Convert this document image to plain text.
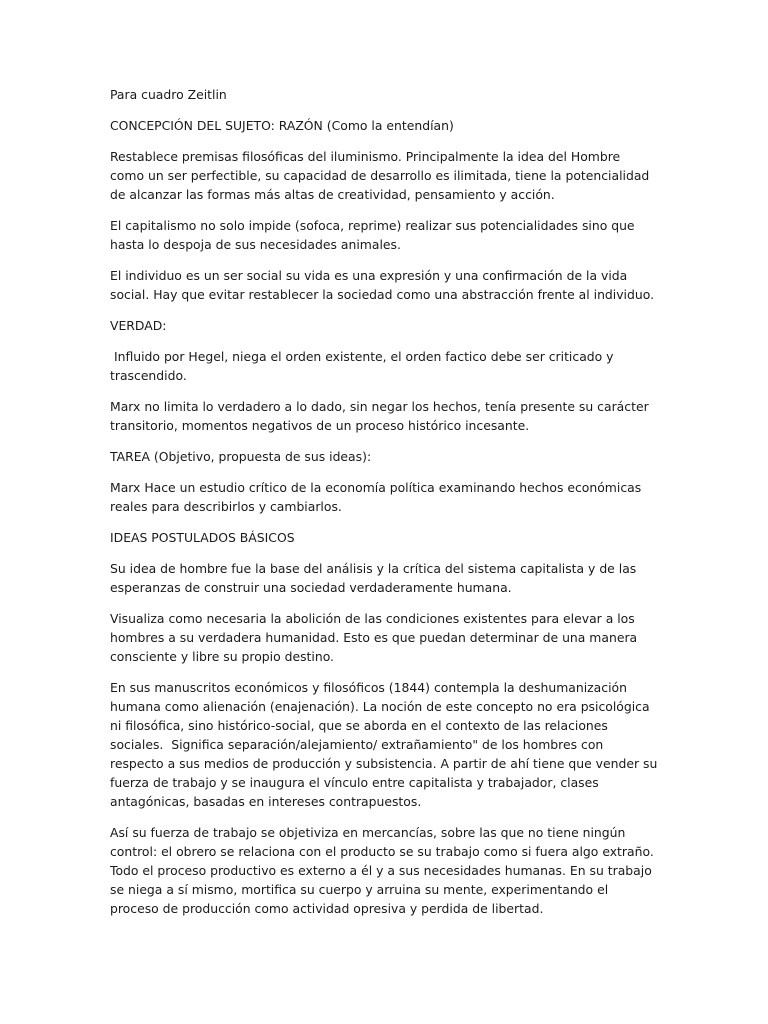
Para cuadro Zeitlin

CONCEPCIÓN DEL SUJETO: RAZÓN (Como la entendían)

Restablece premisas filosóficas del iluminismo. Principalmente la idea del Hombre como un ser perfectible, su capacidad de desarrollo es ilimitada, tiene la potencialidad de alcanzar las formas más altas de creatividad, pensamiento y acción.

El capitalismo no solo impide (sofoca, reprime) realizar sus potencialidades sino que hasta lo despoja de sus necesidades animales.

El individuo es un ser social su vida es una expresión y una confirmación de la vida social. Hay que evitar restablecer la sociedad como una abstracción frente al individuo.

VERDAD:

Influido por Hegel, niega el orden existente, el orden factico debe ser criticado y  trascendido.

Marx no limita lo verdadero a lo dado, sin negar los hechos, tenía presente su carácter transitorio, momentos negativos de un proceso histórico incesante.

TAREA (Objetivo, propuesta de sus ideas):

Marx Hace un estudio crítico de la economía política examinando hechos económicas reales para describirlos y cambiarlos.

IDEAS POSTULADOS BÁSICOS

Su idea de hombre fue la base del análisis y la crítica del sistema capitalista y de las esperanzas de construir una sociedad verdaderamente humana.

Visualiza como necesaria la abolición de las condiciones existentes para elevar a los hombres a su verdadera humanidad. Esto es que puedan determinar de una manera consciente y libre su propio destino.

En sus manuscritos económicos y filosóficos (1844) contempla la deshumanización humana como alienación (enajenación). La noción de este concepto no era psicológica ni filosófica, sino histórico-social, que se aborda en el contexto de las relaciones sociales.  Significa separación/alejamiento/ extrañamiento" de los hombres con respecto a sus medios de producción y subsistencia. A partir de ahí tiene que vender su fuerza de trabajo y se inaugura el vínculo entre capitalista y trabajador, clases antagónicas, basadas en intereses contrapuestos.

Así su fuerza de trabajo se objetiviza en mercancías, sobre las que no tiene ningún control: el obrero se relaciona con el producto se su trabajo como si fuera algo extraño. Todo el proceso productivo es externo a él y a sus necesidades humanas. En su trabajo se niega a sí mismo, mortifica su cuerpo y arruina su mente, experimentando el proceso de producción como actividad opresiva y perdida de libertad.
